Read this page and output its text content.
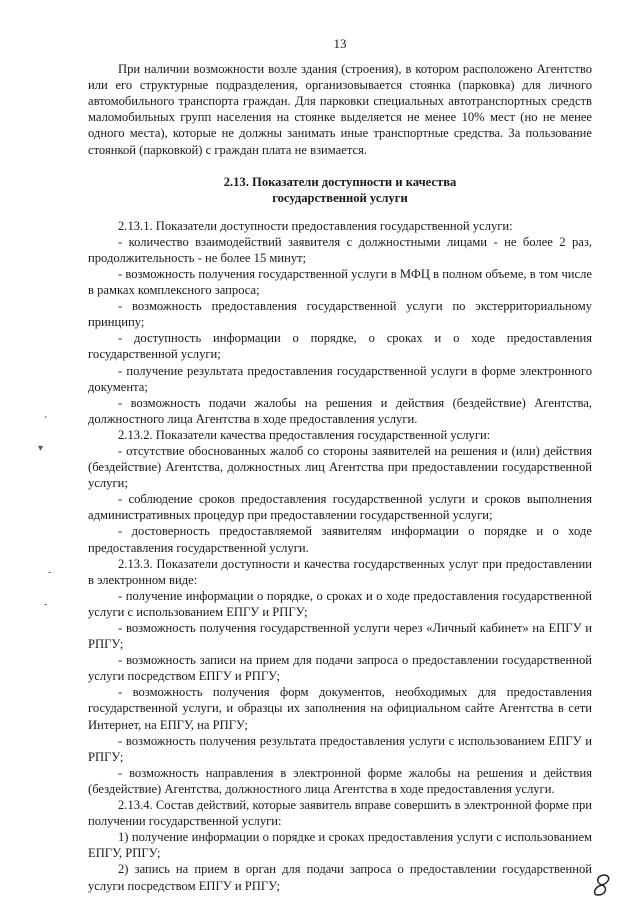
13

При наличии возможности возле здания (строения), в котором расположено Агентство или его структурные подразделения, организовывается стоянка (парковка) для личного автомобильного транспорта граждан. Для парковки специальных автотранспортных средств маломобильных групп населения на стоянке выделяется не менее 10% мест (но не менее одного места), которые не должны занимать иные транспортные средства. За пользование стоянкой (парковкой) с граждан плата не взимается.

2.13. Показатели доступности и качества
государственной услуги

2.13.1. Показатели доступности предоставления государственной услуги:

- количество взаимодействий заявителя с должностными лицами - не более 2 раз, продолжительность - не более 15 минут;

- возможность получения государственной услуги в МФЦ в полном объеме, в том числе в рамках комплексного запроса;

- возможность предоставления государственной услуги по экстерриториальному принципу;

- доступность информации о порядке, о сроках и о ходе предоставления государственной услуги;

- получение результата предоставления государственной услуги в форме электронного документа;

- возможность подачи жалобы на решения и действия (бездействие) Агентства, должностного лица Агентства в ходе предоставления услуги.

2.13.2. Показатели качества предоставления государственной услуги:

- отсутствие обоснованных жалоб со стороны заявителей на решения и (или) действия (бездействие) Агентства, должностных лиц Агентства при предоставлении государственной услуги;

- соблюдение сроков предоставления государственной услуги и сроков выполнения административных процедур при предоставлении государственной услуги;

- достоверность предоставляемой заявителям информации о порядке и о ходе предоставления государственной услуги.

2.13.3. Показатели доступности и качества государственных услуг при предоставлении в электронном виде:

- получение информации о порядке, о сроках и о ходе предоставления государственной услуги с использованием ЕПГУ и РПГУ;

- возможность получения государственной услуги через «Личный кабинет» на ЕПГУ и РПГУ;

- возможность записи на прием для подачи запроса о предоставлении государственной услуги посредством ЕПГУ и РПГУ;

- возможность получения форм документов, необходимых для предоставления государственной услуги, и образцы их заполнения на официальном сайте Агентства в сети Интернет, на ЕПГУ, на РПГУ;

- возможность получения результата предоставления услуги с использованием ЕПГУ и РПГУ;

- возможность направления в электронной форме жалобы на решения и действия (бездействие) Агентства, должностного лица Агентства в ходе предоставления услуги.

2.13.4. Состав действий, которые заявитель вправе совершить в электронной форме при получении государственной услуги:

1) получение информации о порядке и сроках предоставления услуги с использованием ЕПГУ, РПГУ;

2) запись на прием в орган для подачи запроса о предоставлении государственной услуги посредством ЕПГУ и РПГУ;

‚
▾
-
-
